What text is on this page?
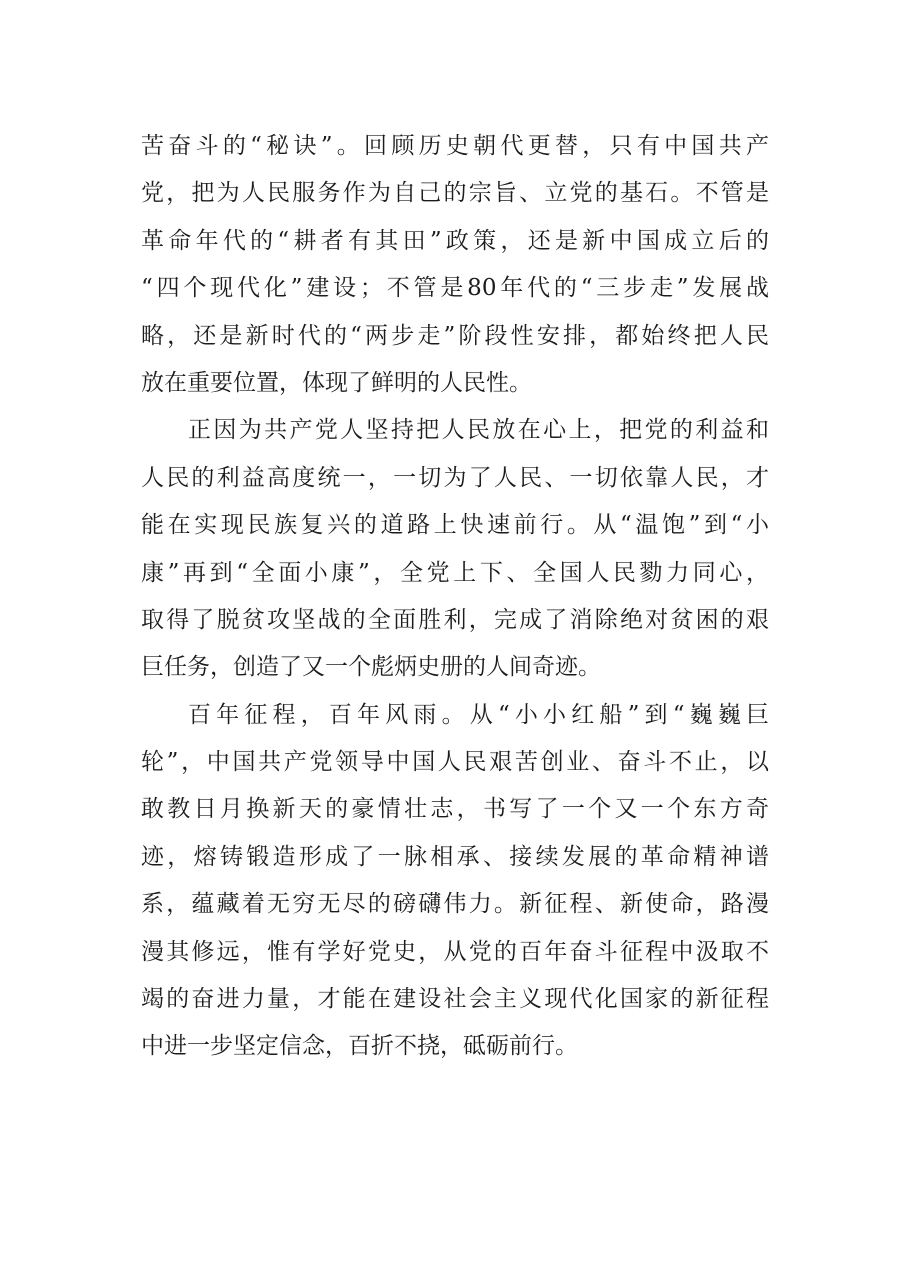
苦奋斗的“秘诀”。回顾历史朝代更替，只有中国共产
党，把为人民服务作为自己的宗旨、立党的基石。不管是
革命年代的“耕者有其田”政策，还是新中国成立后的
“四个现代化”建设；不管是80年代的“三步走”发展战
略，还是新时代的“两步走”阶段性安排，都始终把人民
放在重要位置，体现了鲜明的人民性。
正因为共产党人坚持把人民放在心上，把党的利益和
人民的利益高度统一，一切为了人民、一切依靠人民，才
能在实现民族复兴的道路上快速前行。从“温饱”到“小
康”再到“全面小康”，全党上下、全国人民勠力同心，
取得了脱贫攻坚战的全面胜利，完成了消除绝对贫困的艰
巨任务，创造了又一个彪炳史册的人间奇迹。
百年征程，百年风雨。从“小小红船”到“巍巍巨
轮”，中国共产党领导中国人民艰苦创业、奋斗不止，以
敢教日月换新天的豪情壮志，书写了一个又一个东方奇
迹，熔铸锻造形成了一脉相承、接续发展的革命精神谱
系，蕴藏着无穷无尽的磅礴伟力。新征程、新使命，路漫
漫其修远，惟有学好党史，从党的百年奋斗征程中汲取不
竭的奋进力量，才能在建设社会主义现代化国家的新征程
中进一步坚定信念，百折不挠，砥砺前行。
